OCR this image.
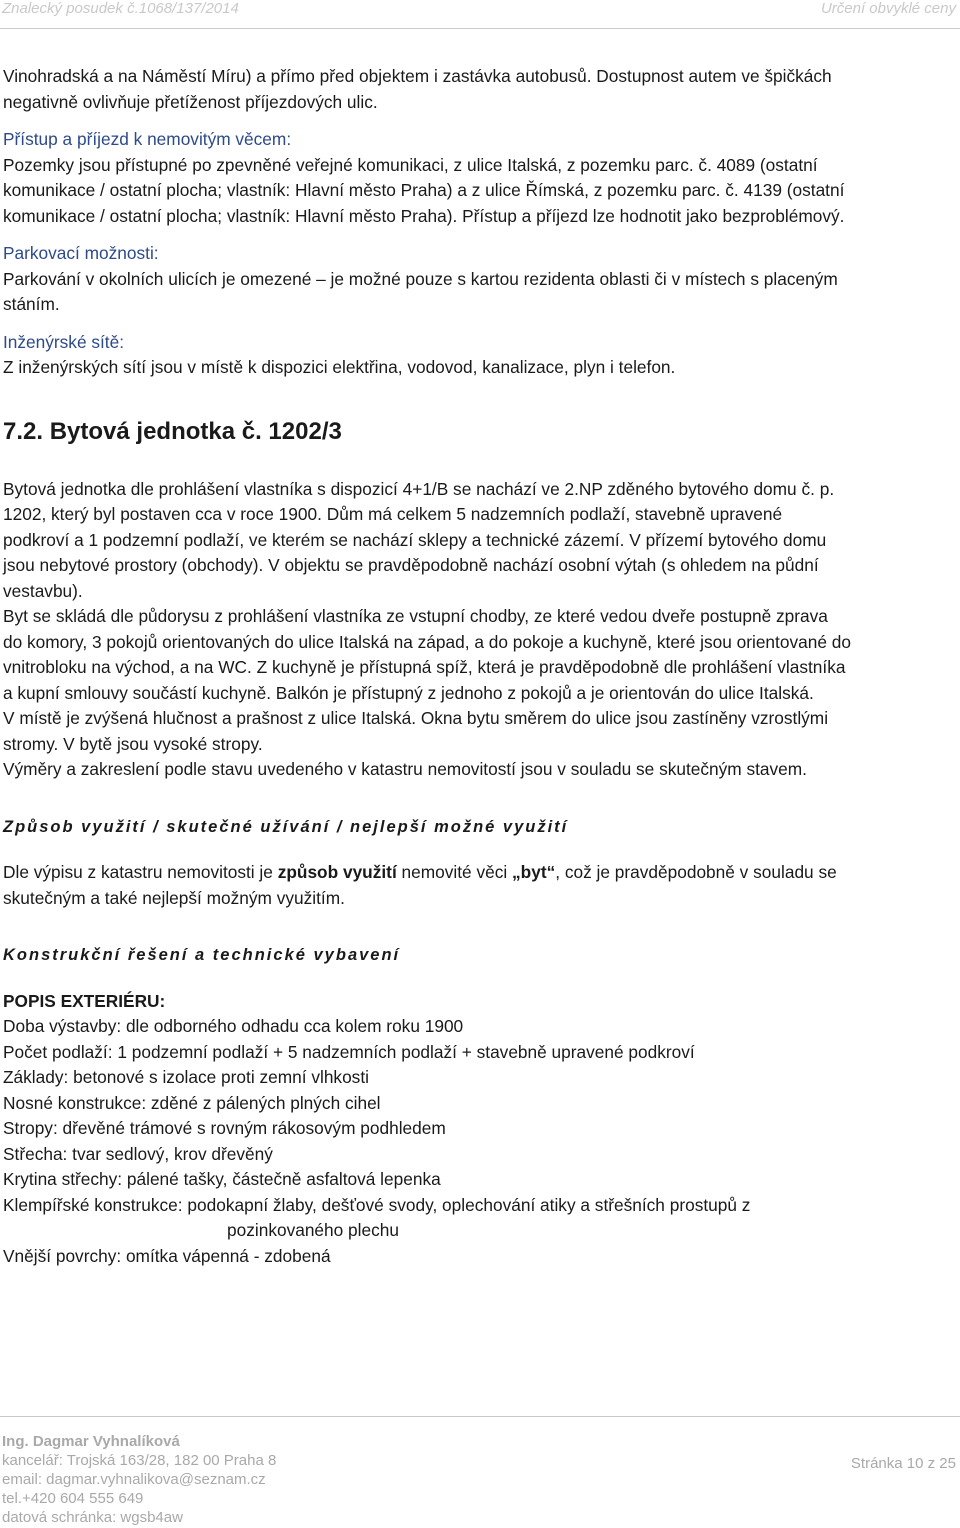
Znalecký posudek č.1068/137/2014	Určení obvyklé ceny

Vinohradská a na Náměstí Míru) a přímo před objektem i zastávka autobusů. Dostupnost autem ve špičkách

negativně ovlivňuje přetíženost příjezdových ulic.

Přístup a příjezd k nemovitým věcem:

Pozemky jsou přístupné po zpevněné veřejné komunikaci, z ulice Italská, z pozemku parc. č. 4089 (ostatní

komunikace / ostatní plocha; vlastník: Hlavní město Praha) a z ulice Římská, z pozemku parc. č. 4139 (ostatní

komunikace / ostatní plocha; vlastník: Hlavní město Praha). Přístup a příjezd lze hodnotit jako bezproblémový.

Parkovací možnosti:

Parkování v okolních ulicích je omezené – je možné pouze s kartou rezidenta oblasti či v místech s placeným

stáním.

Inženýrské sítě:

Z inženýrských sítí jsou v místě k dispozici elektřina, vodovod, kanalizace, plyn i telefon.

7.2. Bytová jednotka č. 1202/3

Bytová jednotka dle prohlášení vlastníka s dispozicí 4+1/B se nachází ve 2.NP zděného bytového domu č. p.

1202, který byl postaven cca v roce 1900. Dům má celkem 5 nadzemních podlaží, stavebně upravené

podkroví a 1 podzemní podlaží, ve kterém se nachází sklepy a technické zázemí. V přízemí bytového domu

jsou nebytové prostory (obchody). V objektu se pravděpodobně nachází osobní výtah (s ohledem na půdní

vestavbu).

Byt se skládá dle půdorysu z prohlášení vlastníka ze vstupní chodby, ze které vedou dveře postupně zprava

do komory, 3 pokojů orientovaných do ulice Italská na západ, a do pokoje a kuchyně, které jsou orientované do

vnitrobloku na východ, a na WC. Z kuchyně je přístupná spíž, která je pravděpodobně dle prohlášení vlastníka

a kupní smlouvy součástí kuchyně. Balkón je přístupný z jednoho z pokojů a je orientován do ulice Italská.

V místě je zvýšená hlučnost a prašnost z ulice Italská. Okna bytu směrem do ulice jsou zastíněny vzrostlými

stromy. V bytě jsou vysoké stropy.

Výměry a zakreslení podle stavu uvedeného v katastru nemovitostí jsou v souladu se skutečným stavem.

Způsob využití / skutečné užívání / nejlepší možné využití

Dle výpisu z katastru nemovitosti je způsob využití nemovité věci „byt“, což je pravděpodobně v souladu se

skutečným a také nejlepší možným využitím.

Konstrukční řešení a technické vybavení

POPIS EXTERIÉRU:

Doba výstavby: dle odborného odhadu cca kolem roku 1900

Počet podlaží: 1 podzemní podlaží + 5 nadzemních podlaží + stavebně upravené podkroví

Základy: betonové s izolace proti zemní vlhkosti

Nosné konstrukce: zděné z pálených plných cihel

Stropy: dřevěné trámové s rovným rákosovým podhledem

Střecha: tvar sedlový, krov dřevěný

Krytina střechy: pálené tašky, částečně asfaltová lepenka

Klempířské konstrukce: podokapní žlaby, dešťové svody, oplechování atiky a střešních prostupů z

pozinkovaného plechu

Vnější povrchy: omítka vápenná - zdobená

Ing. Dagmar Vyhnalíková
kancelář: Trojská 163/28, 182 00 Praha 8
email: dagmar.vyhnalikova@seznam.cz
tel.+420 604 555 649
datová schránka: wgsb4aw
Stránka 10 z 25
